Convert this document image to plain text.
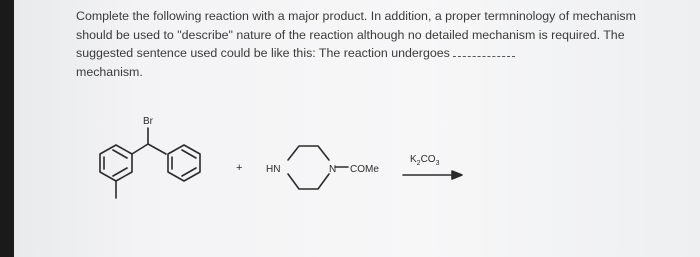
Complete the following reaction with a major product. In addition, a proper termninology of mechanism should be used to "describe" nature of the reaction although no detailed mechanism is required. The suggested sentence used could be like this: The reaction undergoes
mechanism.

Br
+ HN	N COMe
$K_2CO_3$
